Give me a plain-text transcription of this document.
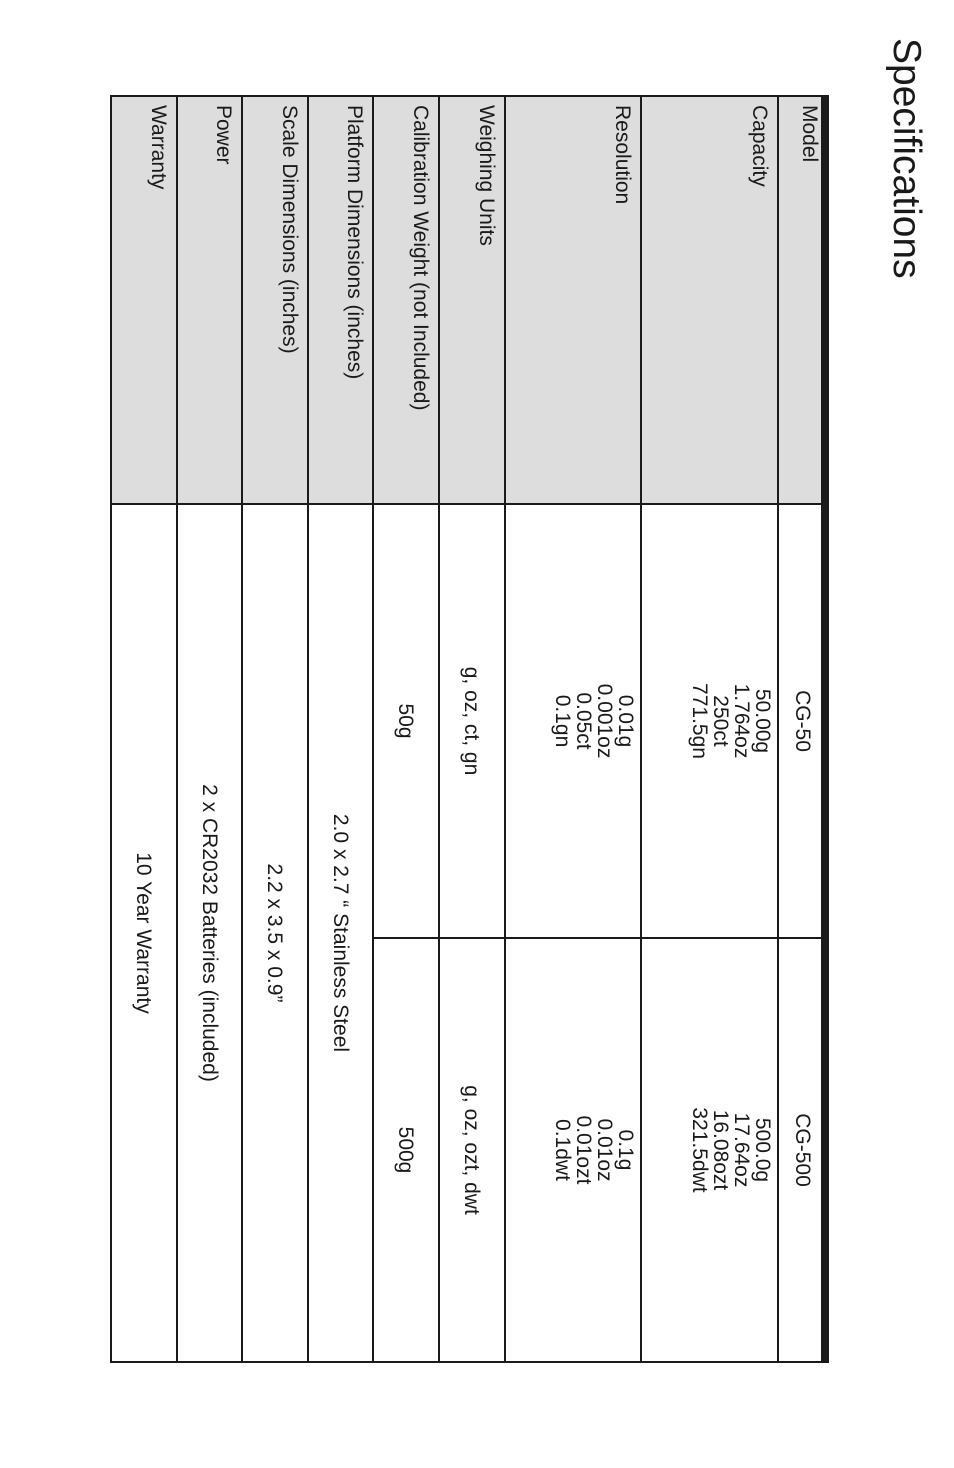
Specifications
Model
Capacity
Resolution
Weighing Units
Calibration Weight (not Included)
Platform Dimensions (inches)
Scale Dimensions (inches)
Power
Warranty
CG-50
CG-500
50.00g
1.764oz
250ct
771.5gn
500.0g
17.64oz
16.08ozt
321.5dwt
0.01g
0.001oz
0.05ct
0.1gn
0.1g
0.01oz
0.01ozt
0.1dwt
g, oz, ct, gn
g, oz, ozt, dwt
50g
500g
2.0 x 2.7 “ Stainless Steel
2.2 x 3.5 x 0.9”
2 x CR2032 Batteries (included)
10 Year Warranty
